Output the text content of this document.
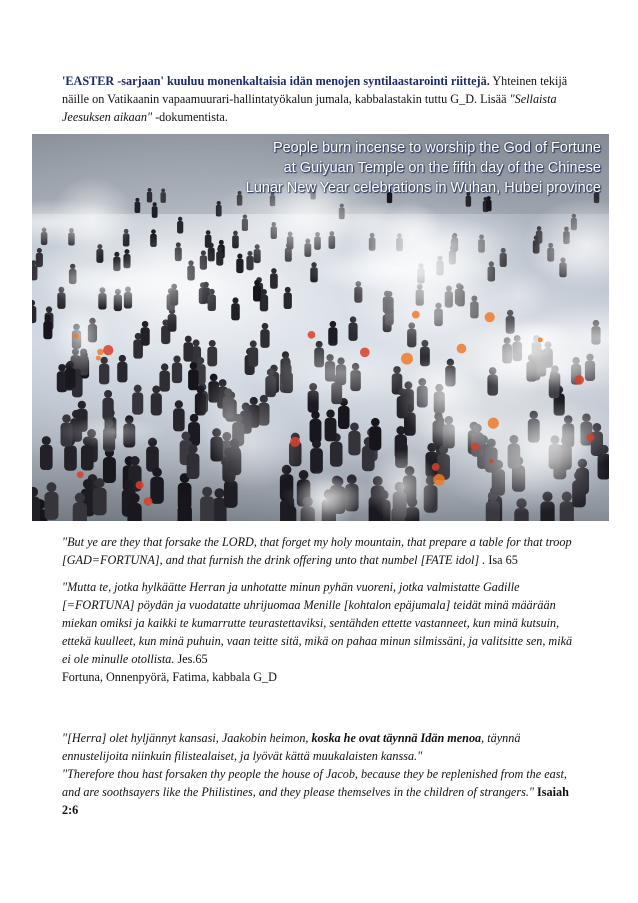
'EASTER -sarjaan' kuuluu monenkaltaisia idän menojen syntilaastarointi riittejä. Yhteinen tekijä näille on Vatikaanin vapaamuurari-hallintatyökalun jumala, kabbalastakin tuttu G_D. Lisää "Sellaista Jeesuksen aikaan" -dokumentista.

People burn incense to worship the God of Fortune
at Guiyuan Temple on the fifth day of the Chinese
Lunar New Year celebrations in Wuhan, Hubei province

"But ye are they that forsake the LORD, that forget my holy mountain, that prepare a table for that troop [GAD=FORTUNA], and that furnish the drink offering unto that numbel [FATE idol] . Isa 65

"Mutta te, jotka hylkäätte Herran ja unhotatte minun pyhän vuoreni, jotka valmistatte Gadille [=FORTUNA] pöydän ja vuodatatte uhrijuomaa Menille [kohtalon epäjumala] teidät minä määrään miekan omiksi ja kaikki te kumarrutte teurastettaviksi, sentähden ettette vastanneet, kun minä kutsuin, ettekä kuulleet, kun minä puhuin, vaan teitte sitä, mikä on pahaa minun silmissäni, ja valitsitte sen, mikä ei ole minulle otollista. Jes.65

Fortuna, Onnenpyörä, Fatima, kabbala G_D

"[Herra] olet hyljännyt kansasi, Jaakobin heimon, koska he ovat täynnä Idän menoa, täynnä ennustelijoita niinkuin filistealaiset, ja lyövät kättä muukalaisten kanssa."
"Therefore thou hast forsaken thy people the house of Jacob, because they be replenished from the east, and are soothsayers like the Philistines, and they please themselves in the children of strangers." Isaiah 2:6
